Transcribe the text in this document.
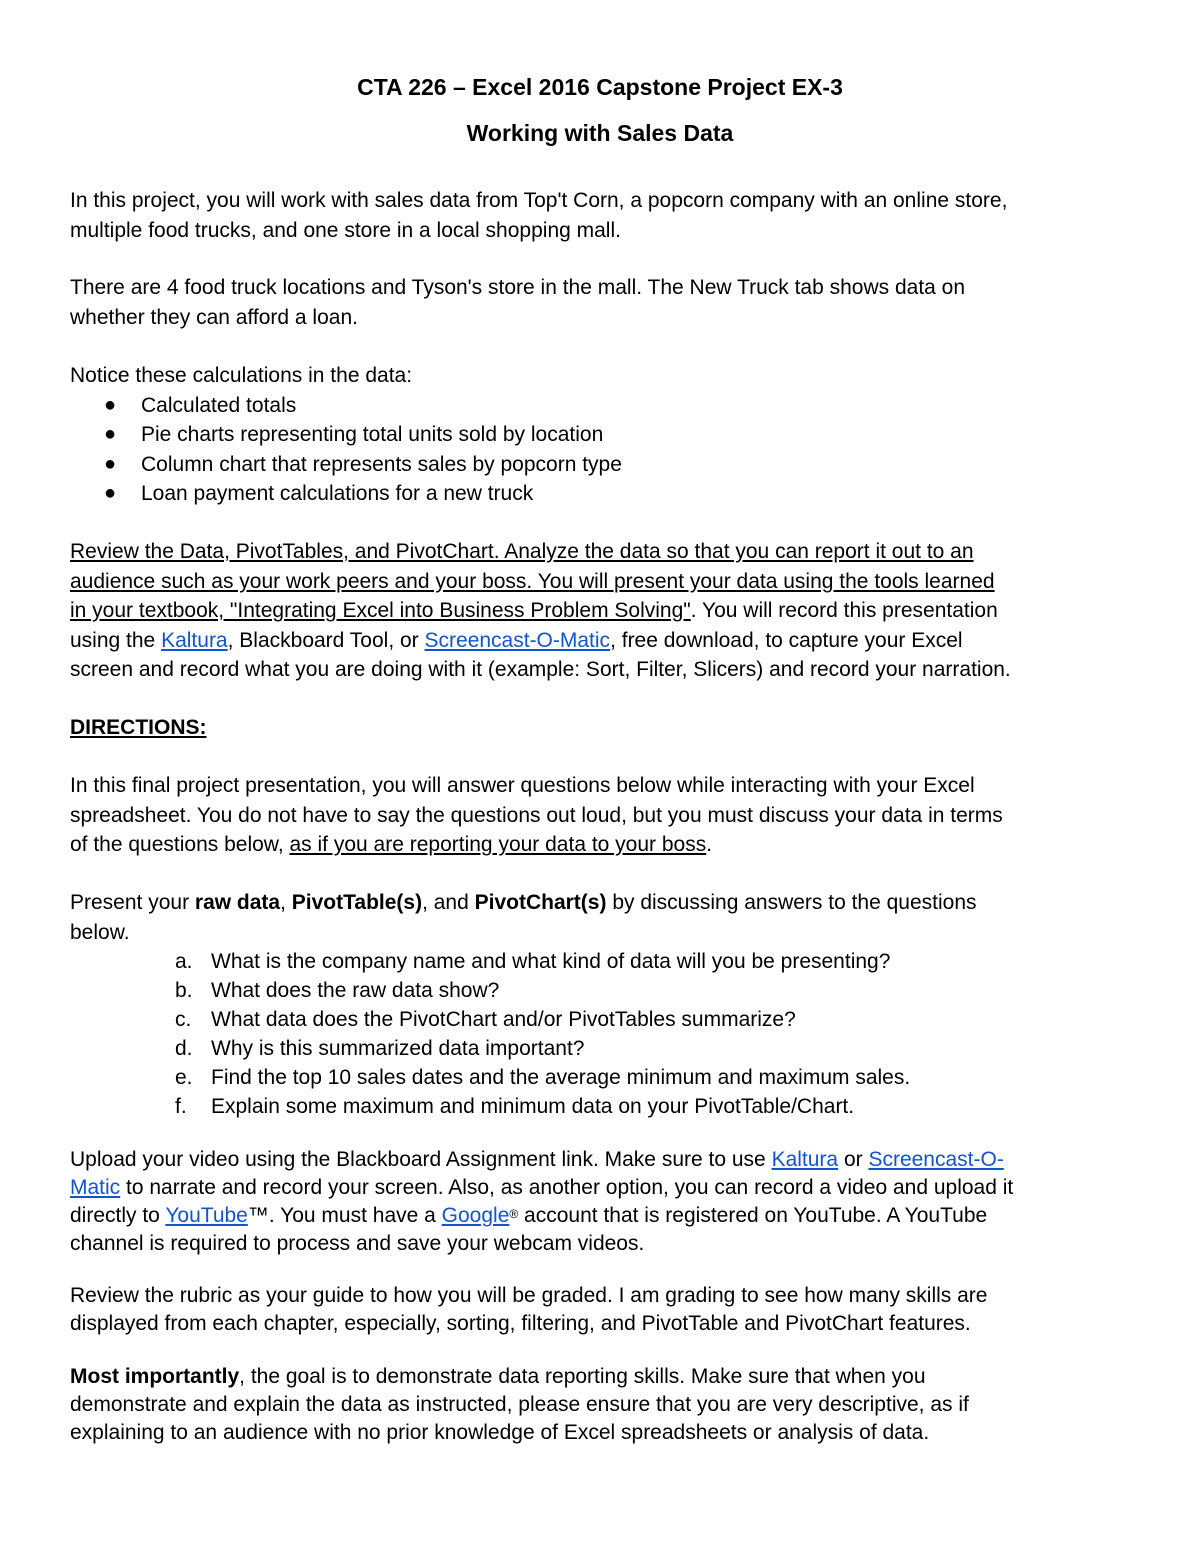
CTA 226 – Excel 2016 Capstone Project EX-3
Working with Sales Data
In this project, you will work with sales data from Top't Corn, a popcorn company with an online store,
multiple food trucks, and one store in a local shopping mall.
There are 4 food truck locations and Tyson's store in the mall. The New Truck tab shows data on
whether they can afford a loan.
Notice these calculations in the data:
● Calculated totals
● Pie charts representing total units sold by location
● Column chart that represents sales by popcorn type
● Loan payment calculations for a new truck
Review the Data, PivotTables, and PivotChart. Analyze the data so that you can report it out to an
audience such as your work peers and your boss. You will present your data using the tools learned
in your textbook, "Integrating Excel into Business Problem Solving". You will record this presentation
using the Kaltura, Blackboard Tool, or Screencast-O-Matic, free download, to capture your Excel
screen and record what you are doing with it (example: Sort, Filter, Slicers) and record your narration.
DIRECTIONS:
In this final project presentation, you will answer questions below while interacting with your Excel
spreadsheet. You do not have to say the questions out loud, but you must discuss your data in terms
of the questions below, as if you are reporting your data to your boss.
Present your raw data, PivotTable(s), and PivotChart(s) by discussing answers to the questions
below.
a. What is the company name and what kind of data will you be presenting?
b. What does the raw data show?
c. What data does the PivotChart and/or PivotTables summarize?
d. Why is this summarized data important?
e. Find the top 10 sales dates and the average minimum and maximum sales.
f. Explain some maximum and minimum data on your PivotTable/Chart.
Upload your video using the Blackboard Assignment link. Make sure to use Kaltura or Screencast-O-
Matic to narrate and record your screen. Also, as another option, you can record a video and upload it
directly to YouTube™. You must have a Google® account that is registered on YouTube. A YouTube
channel is required to process and save your webcam videos.
Review the rubric as your guide to how you will be graded. I am grading to see how many skills are
displayed from each chapter, especially, sorting, filtering, and PivotTable and PivotChart features.
Most importantly, the goal is to demonstrate data reporting skills. Make sure that when you
demonstrate and explain the data as instructed, please ensure that you are very descriptive, as if
explaining to an audience with no prior knowledge of Excel spreadsheets or analysis of data.
